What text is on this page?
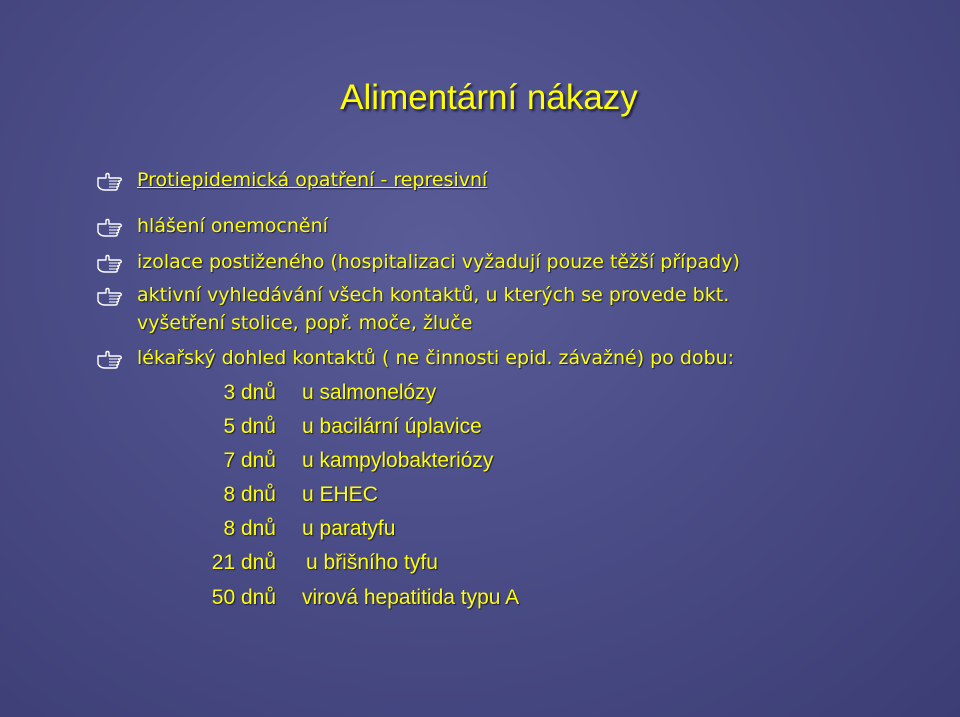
Alimentární nákazy
Protiepidemická opatření - represivní
hlášení onemocnění
izolace postiženého (hospitalizaci vyžadují pouze těžší případy)
aktivní vyhledávání všech kontaktů, u kterých se provede bkt.
vyšetření stolice, popř. moče, žluče
lékařský dohled kontaktů ( ne činnosti epid. závažné) po dobu:
3 dnů u salmonelózy
5 dnů u bacilární úplavice
7 dnů u kampylobakteriózy
8 dnů u EHEC
8 dnů u paratyfu
21 dnů u břišního tyfu
50 dnů virová hepatitida typu A
